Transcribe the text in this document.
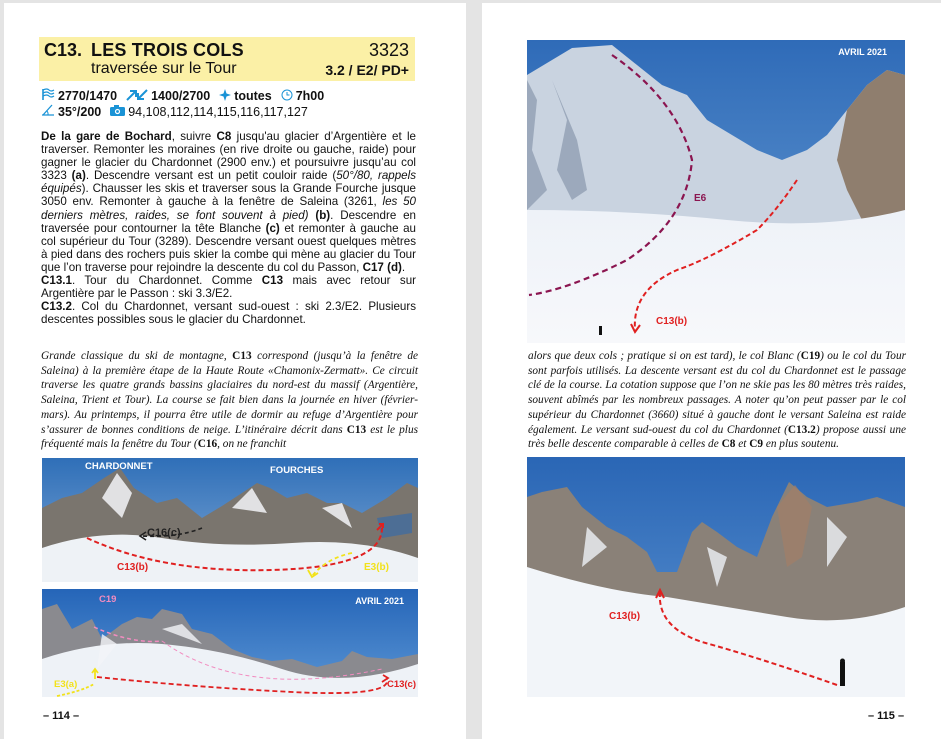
C13. LES TROIS COLS
traversée sur le Tour
3323
3.2 / E2/ PD+
2770/1470	1400/2700 toutes 7h00
35°/200 94,108,112,114,115,116,117,127
De la gare de Bochard, suivre C8 jusqu'au glacier d’Argentière et le traverser. Remonter les moraines (en rive droite ou gauche, raide) pour gagner le glacier du Chardonnet (2900 env.) et poursuivre jusqu’au col 3323 (a). Descendre versant est un petit couloir raide (50°/80, rappels équipés). Chausser les skis et traverser sous la Grande Fourche jusque 3050 env. Remonter à gauche à la fenêtre de Saleina (3261, les 50 derniers mètres, raides, se font souvent à pied) (b). Descendre en traversée pour contourner la tête Blanche (c) et remonter à gauche au col supérieur du Tour (3289). Descendre versant ouest quelques mètres à pied dans des rochers puis skier la combe qui mène au glacier du Tour que l’on traverse pour rejoindre la descente du col du Passon, C17 (d).
C13.1. Tour du Chardonnet. Comme C13 mais avec retour sur Argentière par le Passon : ski 3.3/E2.
C13.2. Col du Chardonnet, versant sud-ouest : ski 2.3/E2. Plusieurs descentes possibles sous le glacier du Chardonnet.
Grande classique du ski de montagne, C13 correspond (jusqu’à la fenêtre de Saleina) à la première étape de la Haute Route «Chamonix-Zermatt». Ce circuit traverse les quatre grands bassins glaciaires du nord-est du massif (Argentière, Saleina, Trient et Tour). La course se fait bien dans la journée en hiver (février-mars). Au printemps, il pourra être utile de dormir au refuge d’Argentière pour s’assurer de bonnes conditions de neige. L’itinéraire décrit dans C13 est le plus fréquenté mais la fenêtre du Tour (C16, on ne franchit
CHARDONNET	FOURCHES
C16(c)
C13(b)	E3(b)
C19	AVRIL 2021
E3(a)	C13(c)
– 114 –
AVRIL 2021
E6
C13(b)
alors que deux cols ; pratique si on est tard), le col Blanc (C19) ou le col du Tour sont parfois utilisés. La descente versant est du col du Chardonnet est le passage clé de la course. La cotation suppose que l’on ne skie pas les 80 mètres très raides, souvent abîmés par les nombreux passages. A noter qu’on peut passer par le col supérieur du Chardonnet (3660) situé à gauche dont le versant Saleina est raide également. Le versant sud-ouest du col du Chardonnet (C13.2) propose aussi une très belle descente comparable à celles de C8 et C9 en plus soutenu.
C13(b)
– 115 –
